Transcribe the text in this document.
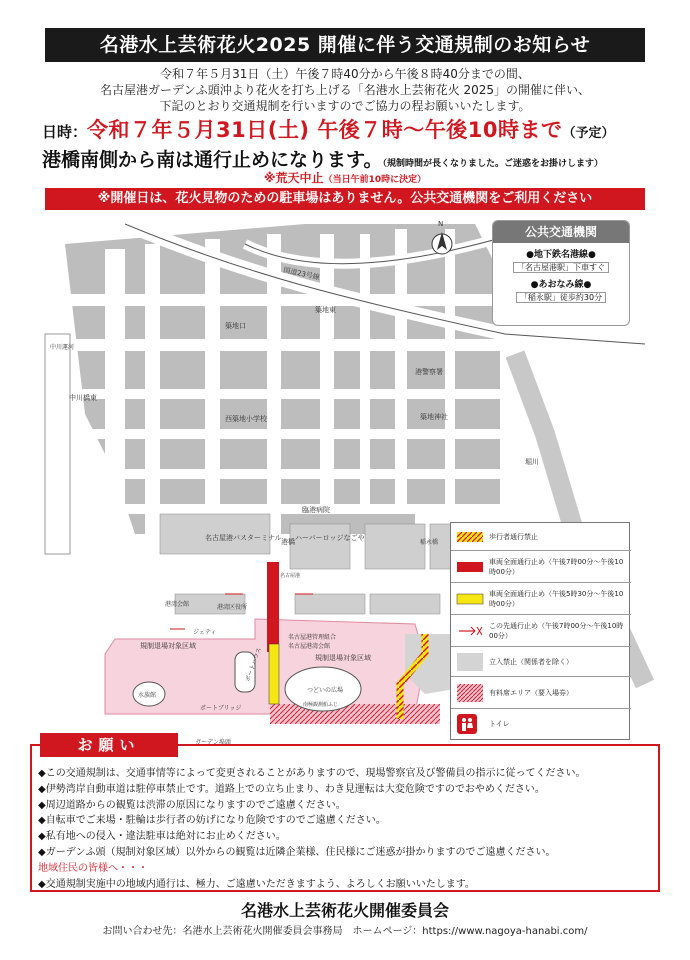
名港水上芸術花火2025 開催に伴う交通規制のお知らせ
令和７年５月31日（土）午後７時40分から午後８時40分までの間、
名古屋港ガーデンふ頭沖より花火を打ち上げる「名港水上芸術花火 2025」の開催に伴い、
下記のとおり交通規制を行いますのでご協力の程お願いいたします。
日時：令和７年５月31日(土) 午後７時〜午後10時まで（予定）
港橋南側から南は通行止めになります。（規制時間が長くなりました。ご迷惑をお掛けします）
※荒天中止（当日午前10時に決定）
※開催日は、花火見物のための駐車場はありません。公共交通機関をご利用ください
N
国道23号線
築地東
築地口
中川運河
中川橋東
港警察署
西築地小学校	築地神社
臨港病院
名古屋港バスターミナル ハーバーロッジなごや
港橋
堀川
稲永橋
港湾会館	港湾区役所
規制退場対象区域
規制退場対象区域
ポートハウス
水族館
つどいの広場
ポートブリッジ
ジェティ
名古屋港管理組合
名古屋港湾会館
南極観測船ふじ
ガーデン埠頭
名古屋港
公共交通機関
●地下鉄名港線●
「名古屋港駅」下車すぐ
●あおなみ線●
「稲永駅」徒歩約30分
歩行者通行禁止
車両全面通行止め（午後7時00分〜午後10時00分）
車両全面通行止め（午後5時30分〜午後10時00分）
この先通行止め（午後7時00分〜午後10時00分）
立入禁止（関係者を除く）
有料席エリア（要入場券）
トイレ
お願い
◆この交通規制は、交通事情等によって変更されることがありますので、現場警察官及び警備員の指示に従ってください。
◆伊勢湾岸自動車道は駐停車禁止です。道路上での立ち止まり、わき見運転は大変危険ですのでおやめください。
◆周辺道路からの観覧は渋滞の原因になりますのでご遠慮ください。
◆自転車でご来場・駐輪は歩行者の妨げになり危険ですのでご遠慮ください。
◆私有地への侵入・違法駐車は絶対にお止めください。
◆ガーデンふ頭（規制対象区域）以外からの観覧は近隣企業様、住民様にご迷惑が掛かりますのでご遠慮ください。
地域住民の皆様へ・・・
◆交通規制実施中の地域内通行は、極力、ご遠慮いただきますよう、よろしくお願いいたします。
名港水上芸術花火開催委員会
お問い合わせ先：名港水上芸術花火開催委員会事務局　ホームページ：https://www.nagoya-hanabi.com/
